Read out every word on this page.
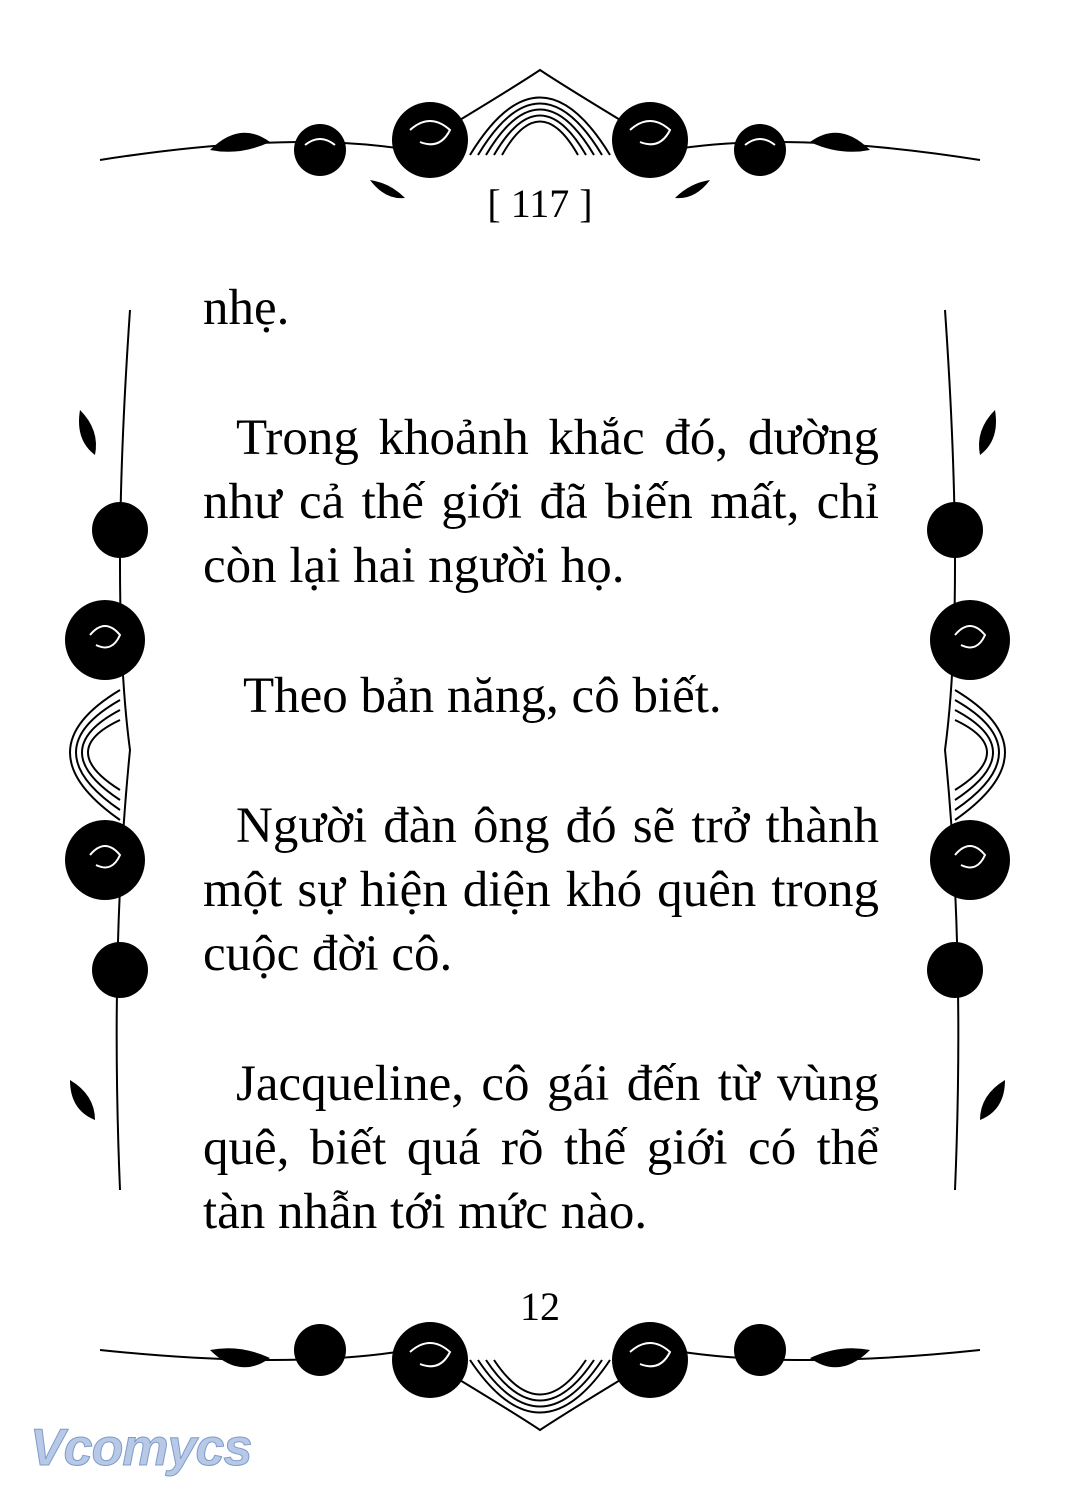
[ 117 ]

nhẹ.

Trong khoảnh khắc đó, dường như cả thế giới đã biến mất, chỉ còn lại hai người họ.

Theo bản năng, cô biết.

Người đàn ông đó sẽ trở thành một sự hiện diện khó quên trong cuộc đời cô.

Jacqueline, cô gái đến từ vùng quê, biết quá rõ thế giới có thể tàn nhẫn tới mức nào.

12
Vcomycs
